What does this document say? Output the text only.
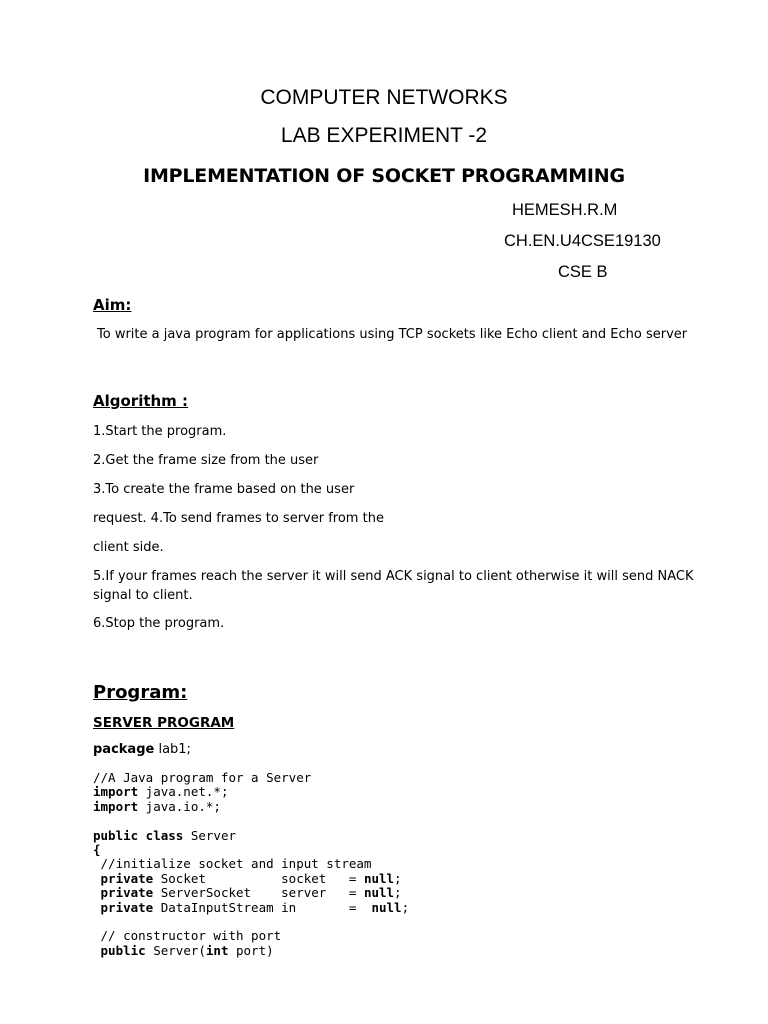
COMPUTER NETWORKS
LAB EXPERIMENT -2
IMPLEMENTATION OF SOCKET PROGRAMMING
HEMESH.R.M
CH.EN.U4CSE19130
CSE B
Aim:
To write a java program for applications using TCP sockets like Echo client and Echo server
Algorithm :
1.Start the program.
2.Get the frame size from the user
3.To create the frame based on the user
request. 4.To send frames to server from the
client side.
5.If your frames reach the server it will send ACK signal to client otherwise it will send NACK
signal to client.
6.Stop the program.
Program:
SERVER PROGRAM
package lab1;
//A Java program for a Server
import java.net.*;
import java.io.*;

public class Server
{
//initialize socket and input stream
private Socket          socket   = null;
private ServerSocket    server   = null;
private DataInputStream in       =  null;

// constructor with port
public Server(int port)
